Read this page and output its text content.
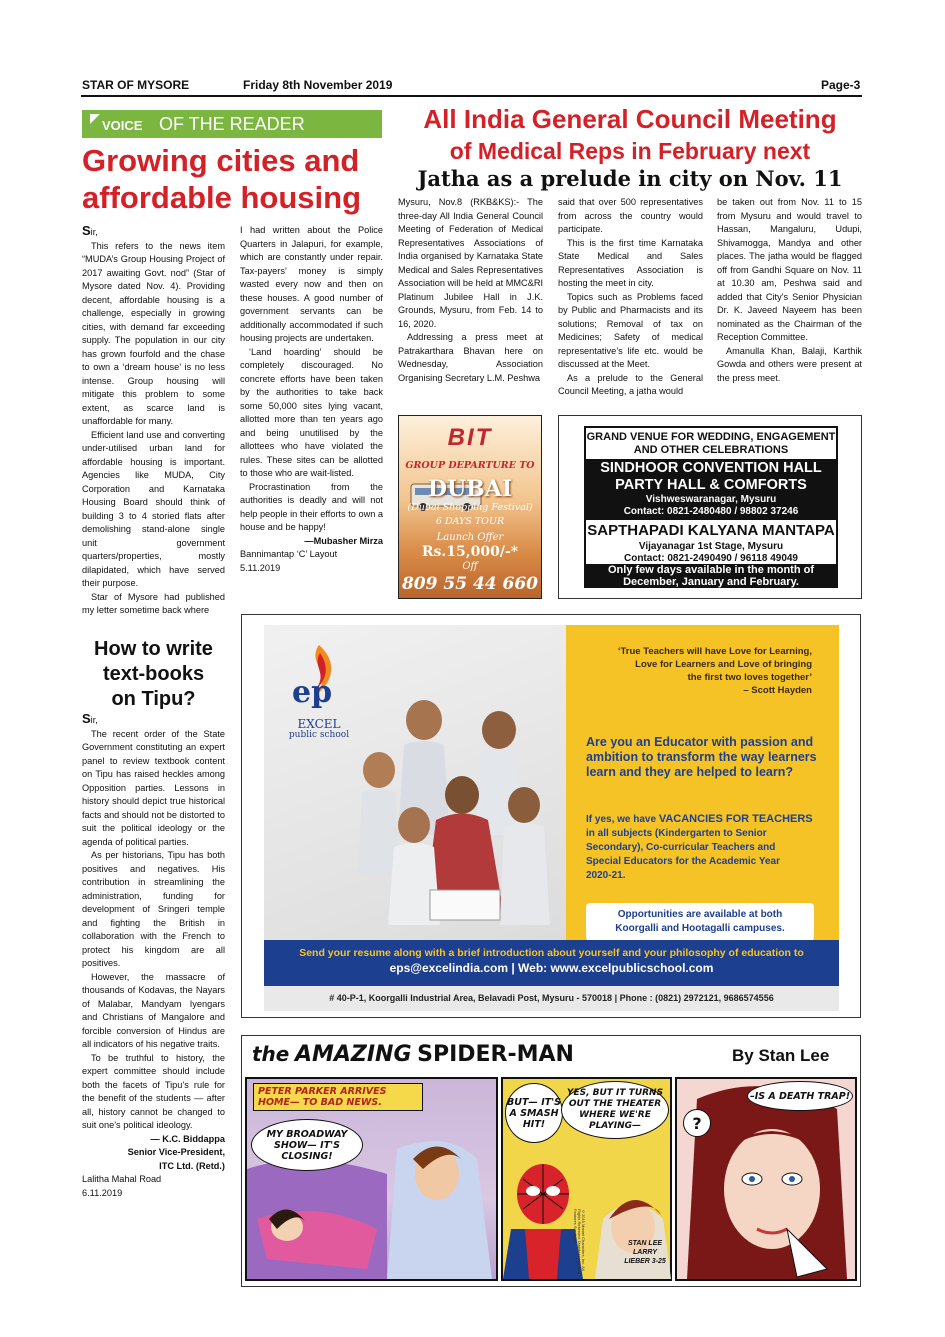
STAR OF MYSORE	Friday 8th November 2019	Page-3
VOICE OF THE READER
Growing cities and
affordable housing

Sir,

This refers to the news item “MUDA’s Group Housing Project of 2017 awaiting Govt. nod” (Star of Mysore dated Nov. 4). Providing decent, affordable housing is a challenge, especially in growing cities, with demand far exceeding supply. The population in our city has grown fourfold and the chase to own a ‘dream house’ is no less intense. Group housing will mitigate this problem to some extent, as scarce land is unaffordable for many.

Efficient land use and converting under-utilised urban land for affordable housing is important. Agencies like MUDA, City Corporation and Karnataka Housing Board should think of building 3 to 4 storied flats after demolishing stand-alone single unit government quarters/properties, mostly dilapidated, which have served their purpose.

Star of Mysore had published my letter sometime back where

I had written about the Police Quarters in Jalapuri, for example, which are constantly under repair. Tax-payers’ money is simply wasted every now and then on these houses. A good number of government servants can be additionally accommodated if such housing projects are undertaken.

‘Land hoarding’ should be completely discouraged. No concrete efforts have been taken by the authorities to take back some 50,000 sites lying vacant, allotted more than ten years ago and being unutilised by the allottees who have violated the rules. These sites can be allotted to those who are wait-listed.

Procrastination from the authorities is deadly and will not help people in their efforts to own a house and be happy!

—Mubasher Mirza

Bannimantap ‘C’ Layout

5.11.2019

How to write
text-books
on Tipu?

Sir,

The recent order of the State Government constituting an expert panel to review textbook content on Tipu has raised heckles among Opposition parties. Lessons in history should depict true historical facts and should not be distorted to suit the political ideology or the agenda of political parties.

As per historians, Tipu has both positives and negatives. His contribution in streamlining the administration, funding for development of Sringeri temple and fighting the British in collaboration with the French to protect his kingdom are all positives.

However, the massacre of thousands of Kodavas, the Nayars of Malabar, Mandyam Iyengars and Christians of Mangalore and forcible conversion of Hindus are all indicators of his negative traits.

To be truthful to history, the expert committee should include both the facets of Tipu’s rule for the benefit of the students — after all, history cannot be changed to suit one’s political ideology.

— K.C. Biddappa

Senior Vice-President,

ITC Ltd. (Retd.)

Lalitha Mahal Road

6.11.2019

All India General Council Meeting
of Medical Reps in February next
Jatha as a prelude in city on Nov. 11

Mysuru, Nov.8 (RKB&KS):- The three-day All India General Council Meeting of Federation of Medical Representatives Associations of India organised by Karnataka State Medical and Sales Representatives Association will be held at MMC&RI Platinum Jubilee Hall in J.K. Grounds, Mysuru, from Feb. 14 to 16, 2020.

Addressing a press meet at Patrakarthara Bhavan here on Wednesday, Association Organising Secretary L.M. Peshwa

said that over 500 representatives from across the country would participate.

This is the first time Karnataka State Medical and Sales Representatives Association is hosting the meet in city.

Topics such as Problems faced by Public and Pharmacists and its solutions; Removal of tax on Medicines; Safety of medical representative’s life etc. would be discussed at the Meet.

As a prelude to the General Council Meeting, a jatha would

be taken out from Nov. 11 to 15 from Mysuru and would travel to Hassan, Mangaluru, Udupi, Shivamogga, Mandya and other places. The jatha would be flagged off from Gandhi Square on Nov. 11 at 10.30 am, Peshwa said and added that City’s Senior Physician Dr. K. Javeed Nayeem has been nominated as the Chairman of the Reception Committee.

Amanulla Khan, Balaji, Karthik Gowda and others were present at the press meet.

BIT
GROUP DEPARTURE TO
DUBAI
(Dubai Shopping Festival)
6 DAYS TOUR
Launch Offer
Rs.15,000/-*
Off
809 55 44 660
GRAND VENUE FOR WEDDING, ENGAGEMENT
AND OTHER CELEBRATIONS
SINDHOOR CONVENTION HALL
PARTY HALL & COMFORTS
Vishweswaranagar, Mysuru
Contact: 0821-2480480 / 98802 37246
SAPTHAPADI KALYANA MANTAPA
Vijayanagar 1st Stage, Mysuru
Contact: 0821-2490490 / 96118 49049
Only few days available in the month of
December, January and February.
ep
EXCEL
public school
‘True Teachers will have Love for Learning,
Love for Learners and Love of bringing
the first two loves together’
– Scott Hayden
Are you an Educator with passion and
ambition to transform the way learners
learn and they are helped to learn?
If yes, we have VACANCIES FOR TEACHERS
in all subjects (Kindergarten to Senior
Secondary), Co-curricular Teachers and
Special Educators for the Academic Year
2020-21.
Opportunities are available at both
Koorgalli and Hootagalli campuses.
Send your resume along with a brief introduction about yourself and your philosophy of education to
eps@excelindia.com | Web: www.excelpublicschool.com
# 40-P-1, Koorgalli Industrial Area, Belavadi Post, Mysuru - 570018 | Phone : (0821) 2972121, 9686574556
the AMAZING SPIDER-MAN	By Stan Lee
PETER PARKER ARRIVES HOME— TO BAD NEWS.
MY BROADWAY SHOW— IT'S CLOSING!
BUT— IT'S A SMASH HIT!
YES, BUT IT TURNS OUT THE THEATER WHERE WE'RE PLAYING—
STAN LEE LARRY LIEBER 3-25
©2019 Marvel Characters, Inc. All Rights Reserved. Distributed by King Features Syndicate
–IS A DEATH TRAP!
?
